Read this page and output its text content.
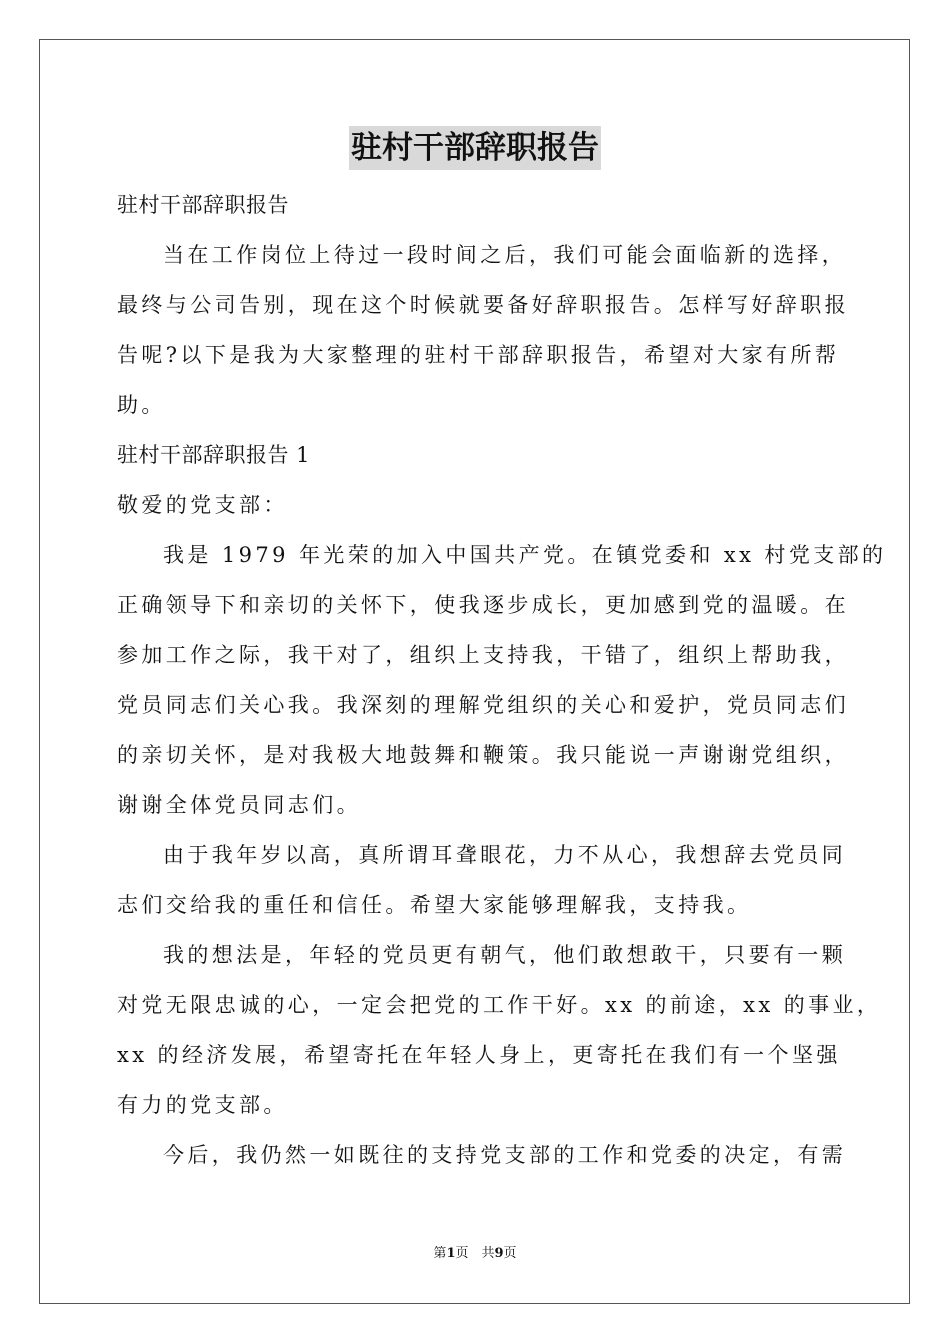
驻村干部辞职报告
驻村干部辞职报告
当在工作岗位上待过一段时间之后，我们可能会面临新的选择，
最终与公司告别，现在这个时候就要备好辞职报告。怎样写好辞职报
告呢?以下是我为大家整理的驻村干部辞职报告，希望对大家有所帮
助。
驻村干部辞职报告 1
敬爱的党支部：
我是 1979 年光荣的加入中国共产党。在镇党委和 xx 村党支部的
正确领导下和亲切的关怀下，使我逐步成长，更加感到党的温暖。在
参加工作之际，我干对了，组织上支持我，干错了，组织上帮助我，
党员同志们关心我。我深刻的理解党组织的关心和爱护，党员同志们
的亲切关怀，是对我极大地鼓舞和鞭策。我只能说一声谢谢党组织，
谢谢全体党员同志们。
由于我年岁以高，真所谓耳聋眼花，力不从心，我想辞去党员同
志们交给我的重任和信任。希望大家能够理解我，支持我。
我的想法是，年轻的党员更有朝气，他们敢想敢干，只要有一颗
对党无限忠诚的心，一定会把党的工作干好。xx 的前途，xx 的事业，
xx 的经济发展，希望寄托在年轻人身上，更寄托在我们有一个坚强
有力的党支部。
今后，我仍然一如既往的支持党支部的工作和党委的决定，有需
第1页　共9页
